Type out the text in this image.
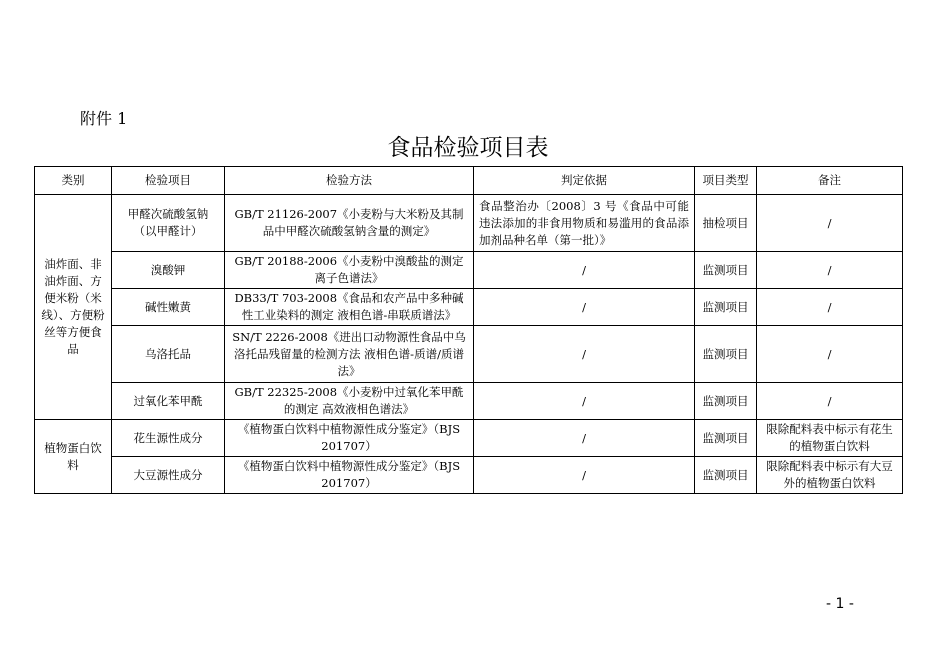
附件 1
食品检验项目表
类别	检验项目	检验方法	判定依据	项目类型	备注
油炸面、非油炸面、方便米粉（米线）、方便粉丝等方便食品	甲醛次硫酸氢钠（以甲醛计）	GB/T 21126-2007《小麦粉与大米粉及其制品中甲醛次硫酸氢钠含量的测定》	食品整治办〔2008〕3 号《食品中可能违法添加的非食用物质和易滥用的食品添加剂品种名单（第一批）》	抽检项目	/
	溴酸钾	GB/T 20188-2006《小麦粉中溴酸盐的测定 离子色谱法》	/	监测项目	/
	碱性嫩黄	DB33/T 703-2008《食品和农产品中多种碱性工业染料的测定 液相色谱-串联质谱法》	/	监测项目	/
	乌洛托品	SN/T 2226-2008《进出口动物源性食品中乌洛托品残留量的检测方法 液相色谱-质谱/质谱法》	/	监测项目	/
	过氧化苯甲酰	GB/T 22325-2008《小麦粉中过氧化苯甲酰的测定 高效液相色谱法》	/	监测项目	/
植物蛋白饮料	花生源性成分	《植物蛋白饮料中植物源性成分鉴定》（BJS 201707）	/	监测项目	限除配料表中标示有花生的植物蛋白饮料
	大豆源性成分	《植物蛋白饮料中植物源性成分鉴定》（BJS 201707）	/	监测项目	限除配料表中标示有大豆外的植物蛋白饮料
- 1 -
